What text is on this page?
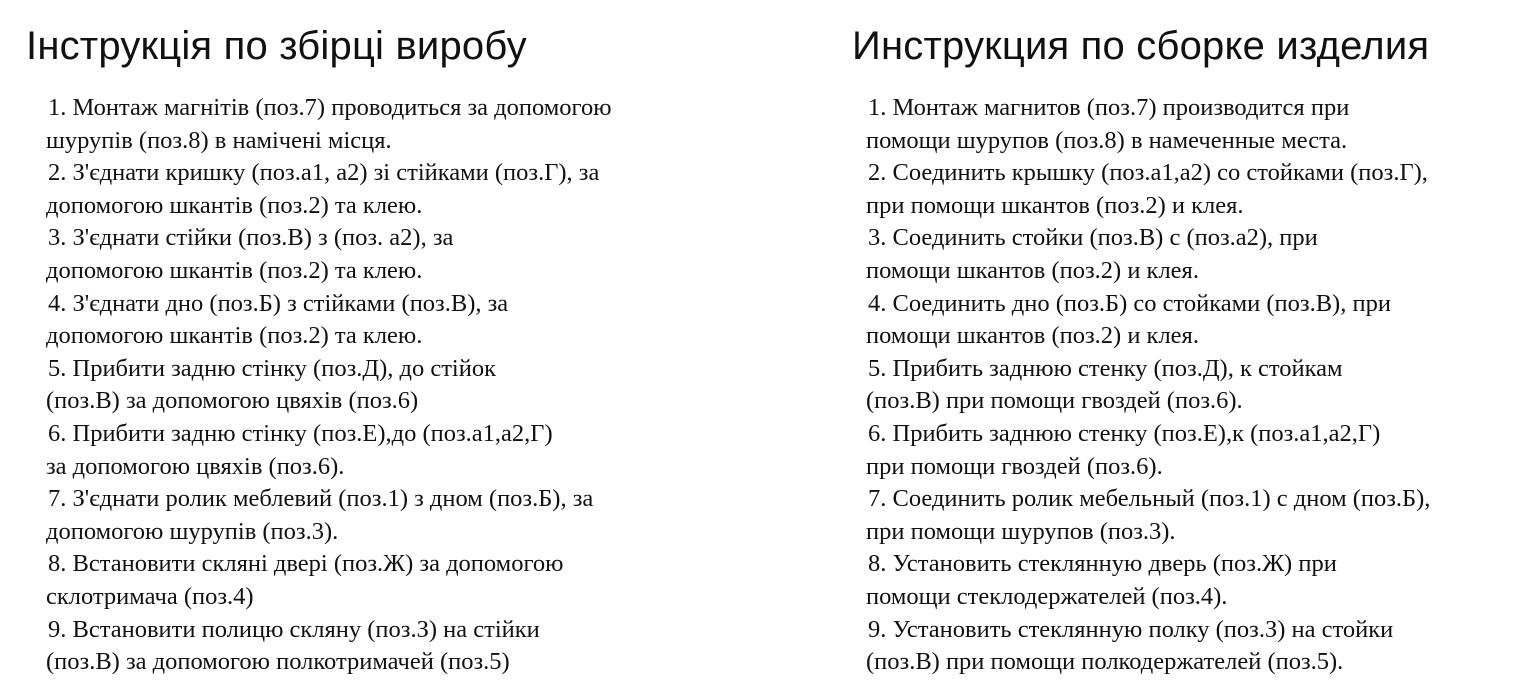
Інструкція по збірці виробу
1. Монтаж магнітів (поз.7) проводиться за допомогою
шурупів (поз.8) в намічені місця.
2. З'єднати кришку (поз.а1, а2) зі стійками (поз.Г), за
допомогою шкантів (поз.2) та клею.
3. З'єднати стійки (поз.В) з (поз. а2), за
допомогою шкантів (поз.2) та клею.
4. З'єднати дно (поз.Б) з стійками (поз.В), за
допомогою шкантів (поз.2) та клею.
5. Прибити задню стінку (поз.Д), до стійок
(поз.В) за допомогою цвяхів (поз.6)
6. Прибити задню стінку (поз.Е),до (поз.а1,а2,Г)
за допомогою цвяхів (поз.6).
7. З'єднати ролик меблевий (поз.1) з дном (поз.Б), за
допомогою шурупів (поз.3).
8. Встановити скляні двері (поз.Ж) за допомогою
склотримача (поз.4)
9. Встановити полицю скляну (поз.З) на стійки
(поз.В) за допомогою полкотримачей (поз.5)
Инструкция по сборке изделия
1. Монтаж магнитов (поз.7) производится при
помощи шурупов (поз.8) в намеченные места.
2. Соединить крышку (поз.а1,а2) со стойками (поз.Г),
при помощи шкантов (поз.2) и клея.
3. Соединить стойки (поз.В) с (поз.а2), при
помощи шкантов (поз.2) и клея.
4. Соединить дно (поз.Б) со стойками (поз.В), при
помощи шкантов (поз.2) и клея.
5. Прибить заднюю стенку (поз.Д), к стойкам
(поз.В) при помощи гвоздей (поз.6).
6. Прибить заднюю стенку (поз.Е),к (поз.а1,а2,Г)
при помощи гвоздей (поз.6).
7. Соединить ролик мебельный (поз.1) с дном (поз.Б),
при помощи шурупов (поз.3).
8. Установить стеклянную дверь (поз.Ж) при
помощи стеклодержателей (поз.4).
9. Установить стеклянную полку (поз.З) на стойки
(поз.В) при помощи полкодержателей (поз.5).
